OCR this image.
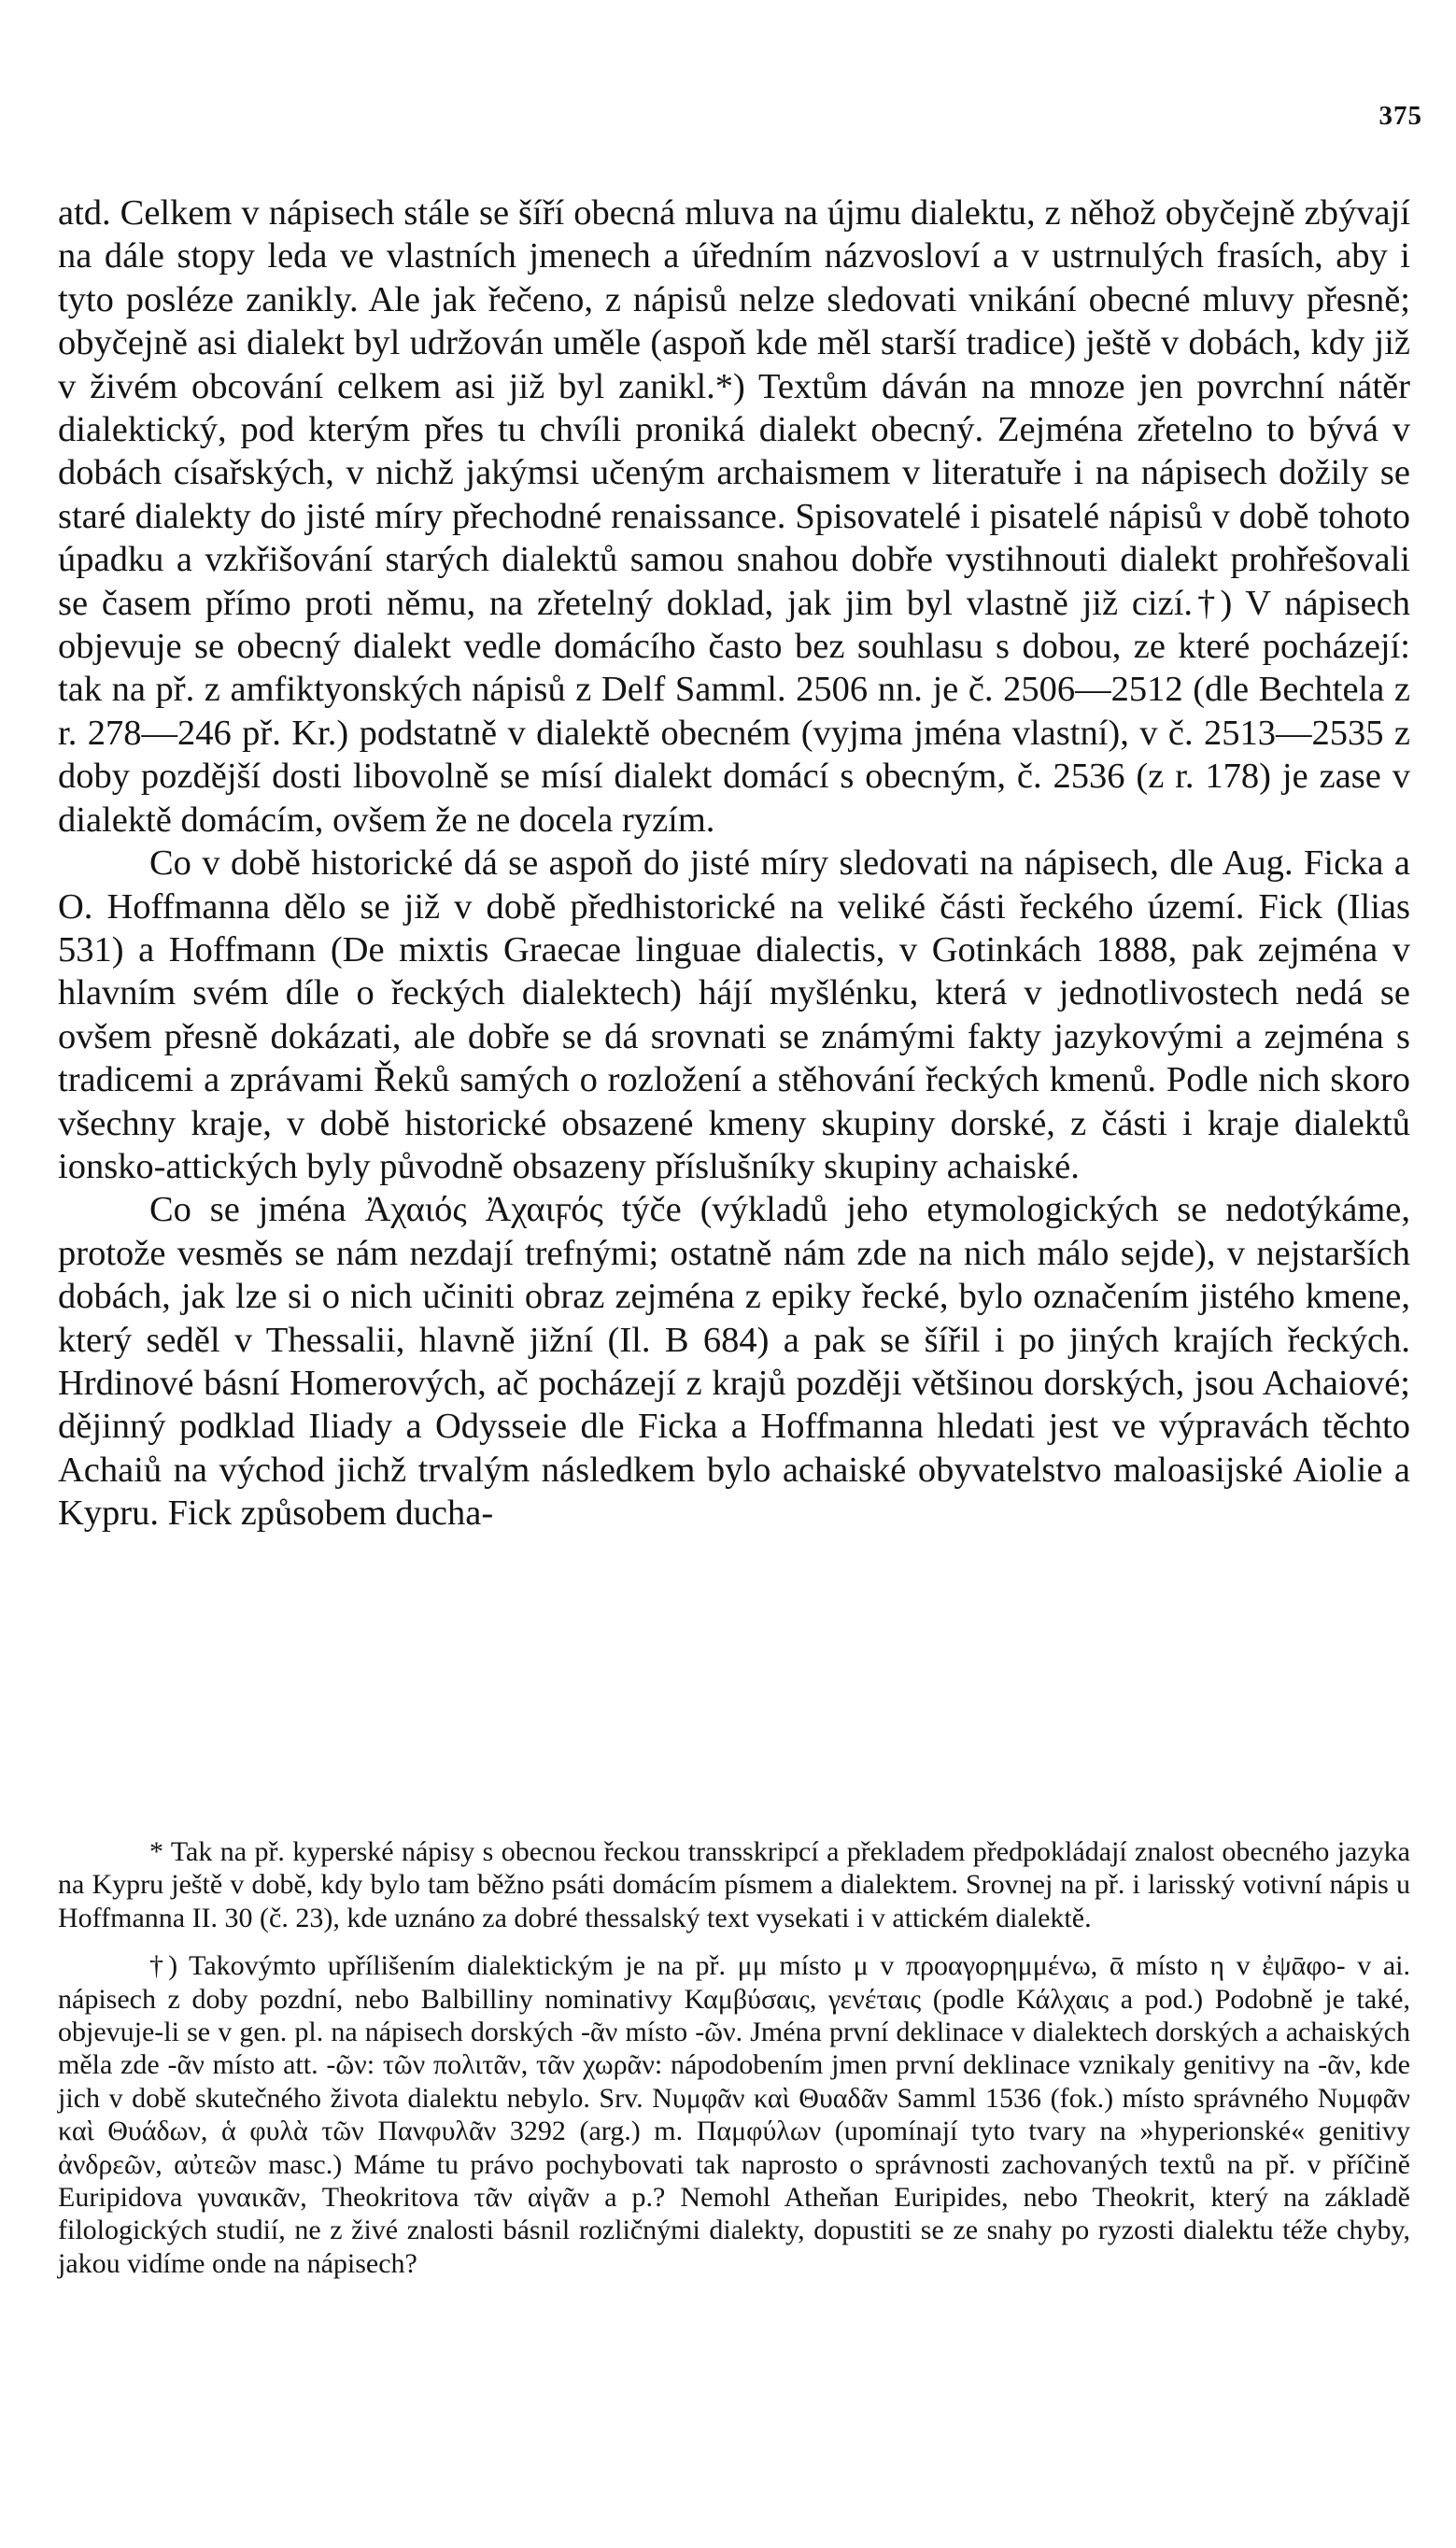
375

atd. Celkem v nápisech stále se šíří obecná mluva na újmu dialektu, z něhož obyčejně zbývají na dále stopy leda ve vlastních jmenech a úředním názvosloví a v ustrnulých frasích, aby i tyto posléze zanikly. Ale jak řečeno, z nápisů nelze sledovati vnikání obecné mluvy přesně; obyčejně asi dialekt byl udržován uměle (aspoň kde měl starší tradice) ještě v dobách, kdy již v živém obcování celkem asi již byl zanikl.*) Textům dáván na mnoze jen povrchní nátěr dialektický, pod kterým přes tu chvíli proniká dialekt obecný. Zejména zřetelno to bývá v dobách císařských, v nichž jakýmsi učeným archaismem v literatuře i na nápisech dožily se staré dialekty do jisté míry přechodné renaissance. Spisovatelé i pisatelé nápisů v době tohoto úpadku a vzkřišování starých dialektů samou snahou dobře vystihnouti dialekt prohřešovali se časem přímo proti němu, na zřetelný doklad, jak jim byl vlastně již cizí.†) V nápisech objevuje se obecný dialekt vedle domácího často bez souhlasu s dobou, ze které pocházejí: tak na př. z amfiktyonských nápisů z Delf Samml. 2506 nn. je č. 2506—2512 (dle Bechtela z r. 278—246 př. Kr.) podstatně v dialektě obecném (vyjma jména vlastní), v č. 2513—2535 z doby pozdější dosti libovolně se mísí dialekt domácí s obecným, č. 2536 (z r. 178) je zase v dialektě domácím, ovšem že ne docela ryzím.

Co v době historické dá se aspoň do jisté míry sledovati na nápisech, dle Aug. Ficka a O. Hoffmanna dělo se již v době předhistorické na veliké části řeckého území. Fick (Ilias 531) a Hoffmann (De mixtis Graecae linguae dialectis, v Gotinkách 1888, pak zejména v hlavním svém díle o řeckých dialektech) hájí myšlénku, která v jednotlivostech nedá se ovšem přesně dokázati, ale dobře se dá srovnati se známými fakty jazykovými a zejména s tradicemi a zprávami Řeků samých o rozložení a stěhování řeckých kmenů. Podle nich skoro všechny kraje, v době historické obsazené kmeny skupiny dorské, z části i kraje dialektů ionsko-attických byly původně obsazeny příslušníky skupiny achaiské.

Co se jména Ἀχαιός Ἀχαιϝός týče (výkladů jeho etymologických se nedotýkáme, protože vesměs se nám nezdají trefnými; ostatně nám zde na nich málo sejde), v nejstarších dobách, jak lze si o nich učiniti obraz zejména z epiky řecké, bylo označením jistého kmene, který seděl v Thessalii, hlavně jižní (Il. B 684) a pak se šířil i po jiných krajích řeckých. Hrdinové básní Homerových, ač pocházejí z krajů později většinou dorských, jsou Achaiové; dějinný podklad Iliady a Odysseie dle Ficka a Hoffmanna hledati jest ve výpravách těchto Achaiů na východ jichž trvalým následkem bylo achaiské obyvatelstvo maloasijské Aiolie a Kypru. Fick způsobem ducha-

* Tak na př. kyperské nápisy s obecnou řeckou transskripcí a překladem předpokládají znalost obecného jazyka na Kypru ještě v době, kdy bylo tam běžno psáti domácím písmem a dialektem. Srovnej na př. i larisský votivní nápis u Hoffmanna II. 30 (č. 23), kde uznáno za dobré thessalský text vysekati i v attickém dialektě.

†) Takovýmto upřílišením dialektickým je na př. μμ místo μ v προαγορημμένω, ᾱ místo η v ἐψᾱφο- v ai. nápisech z doby pozdní, nebo Balbilliny nominativy Καμβύσαις, γενέταις (podle Κάλχαις a pod.) Podobně je také, objevuje-li se v gen. pl. na nápisech dorských -ᾶν místo -ῶν. Jména první deklinace v dialektech dorských a achaiských měla zde -ᾶν místo att. -ῶν: τῶν πολιτᾶν, τᾶν χωρᾶν: nápodobením jmen první deklinace vznikaly genitivy na -ᾶν, kde jich v době skutečného života dialektu nebylo. Srv. Νυμφᾶν καὶ Θυαδᾶν Samml 1536 (fok.) místo správného Νυμφᾶν καὶ Θυάδων, ἁ φυλὰ τῶν Πανφυλᾶν 3292 (arg.) m. Παμφύλων (upomínají tyto tvary na »hyperionské« genitivy ἀνδρεῶν, αὐτεῶν masc.) Máme tu právo pochybovati tak naprosto o správnosti zachovaných textů na př. v příčině Euripidova γυναικᾶν, Theokritova τᾶν αἰγᾶν a p.? Nemohl Atheňan Euripides, nebo Theokrit, který na základě filologických studií, ne z živé znalosti básnil rozličnými dialekty, dopustiti se ze snahy po ryzosti dialektu téže chyby, jakou vidíme onde na nápisech?
